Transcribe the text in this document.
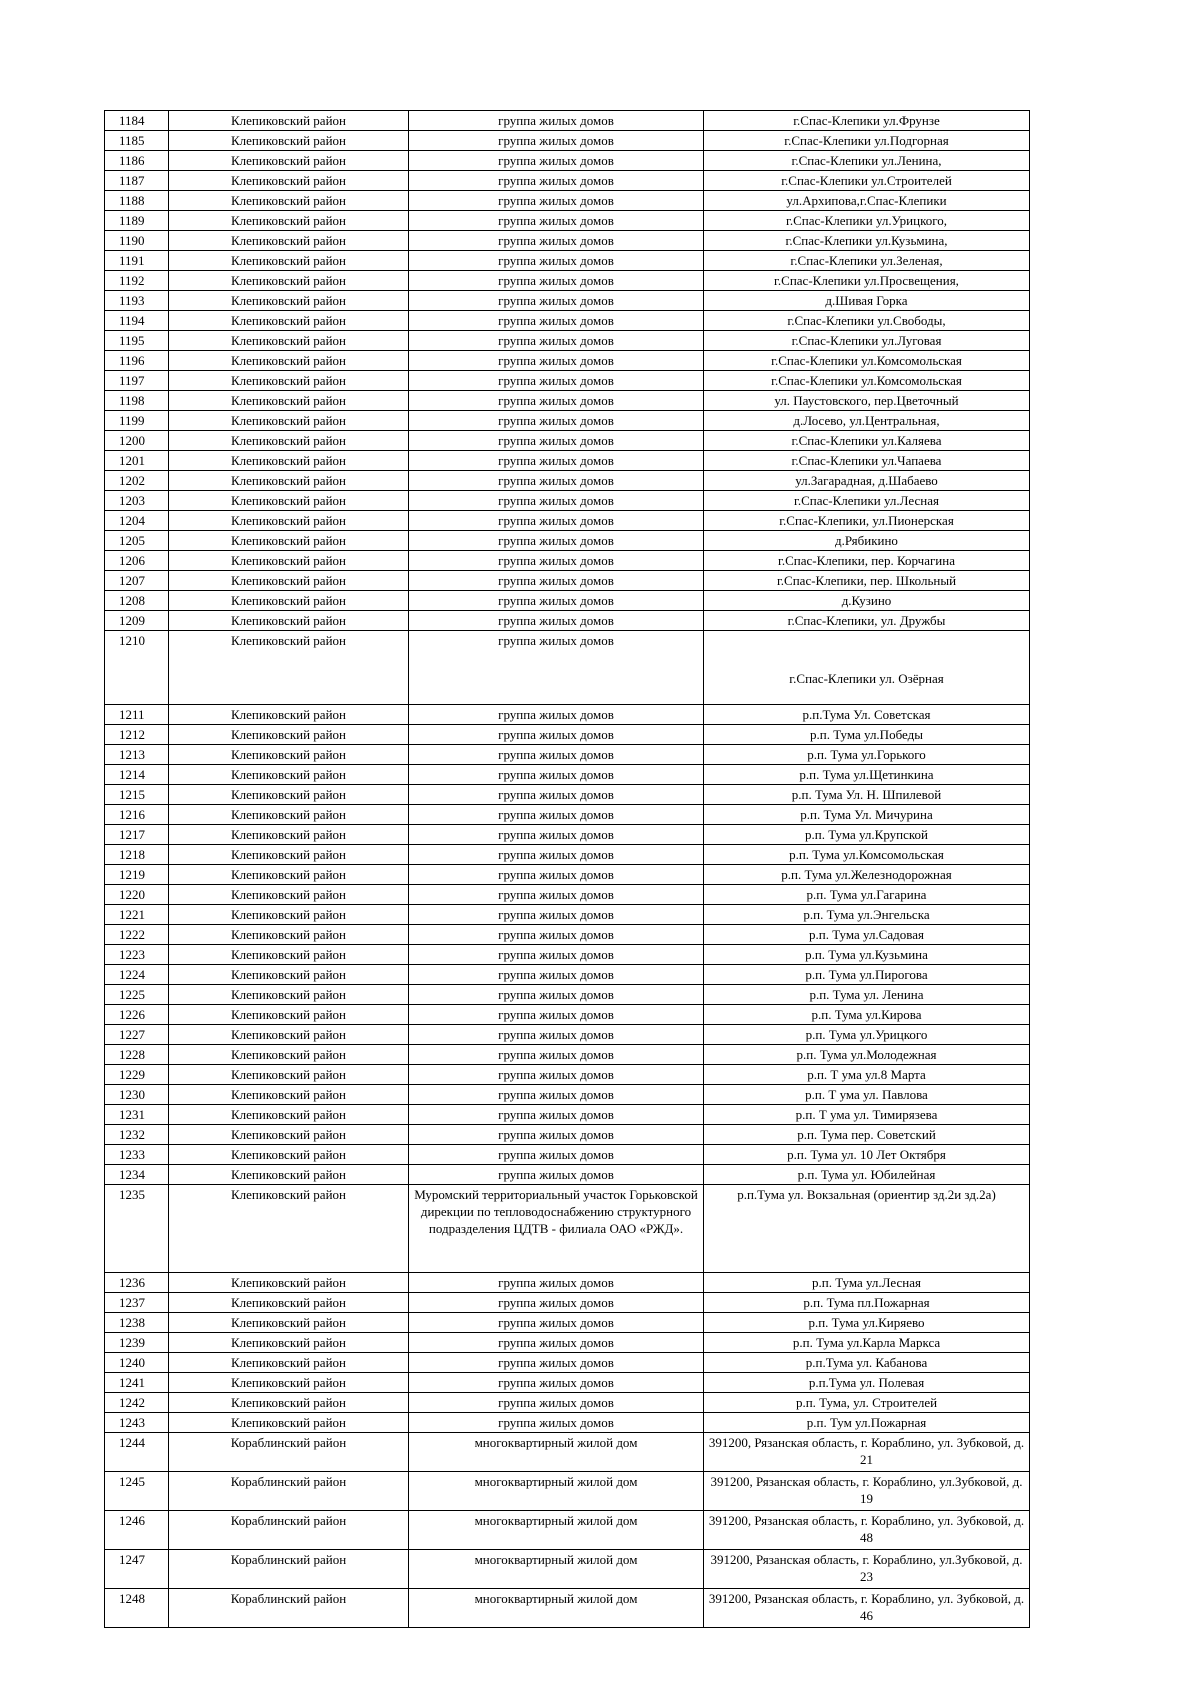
1184	Клепиковский район	группа жилых домов	г.Спас-Клепики ул.Фрунзе
1185	Клепиковский район	группа жилых домов	г.Спас-Клепики ул.Подгорная
1186	Клепиковский район	группа жилых домов	г.Спас-Клепики ул.Ленина,
1187	Клепиковский район	группа жилых домов	г.Спас-Клепики ул.Строителей
1188	Клепиковский район	группа жилых домов	ул.Архипова,г.Спас-Клепики
1189	Клепиковский район	группа жилых домов	г.Спас-Клепики ул.Урицкого,
1190	Клепиковский район	группа жилых домов	г.Спас-Клепики ул.Кузьмина,
1191	Клепиковский район	группа жилых домов	г.Спас-Клепики ул.Зеленая,
1192	Клепиковский район	группа жилых домов	г.Спас-Клепики ул.Просвещения,
1193	Клепиковский район	группа жилых домов	д.Шивая Горка
1194	Клепиковский район	группа жилых домов	г.Спас-Клепики ул.Свободы,
1195	Клепиковский район	группа жилых домов	г.Спас-Клепики ул.Луговая
1196	Клепиковский район	группа жилых домов	г.Спас-Клепики ул.Комсомольская
1197	Клепиковский район	группа жилых домов	г.Спас-Клепики ул.Комсомольская
1198	Клепиковский район	группа жилых домов	ул. Паустовского, пер.Цветочный
1199	Клепиковский район	группа жилых домов	д.Лосево, ул.Центральная,
1200	Клепиковский район	группа жилых домов	г.Спас-Клепики ул.Каляева
1201	Клепиковский район	группа жилых домов	г.Спас-Клепики ул.Чапаева
1202	Клепиковский район	группа жилых домов	ул.Загарадная, д.Шабаево
1203	Клепиковский район	группа жилых домов	г.Спас-Клепики ул.Лесная
1204	Клепиковский район	группа жилых домов	г.Спас-Клепики, ул.Пионерская
1205	Клепиковский район	группа жилых домов	д.Рябикино
1206	Клепиковский район	группа жилых домов	г.Спас-Клепики, пер. Корчагина
1207	Клепиковский район	группа жилых домов	г.Спас-Клепики, пер. Школьный
1208	Клепиковский район	группа жилых домов	д.Кузино
1209	Клепиковский район	группа жилых домов	г.Спас-Клепики, ул. Дружбы
1210	Клепиковский район	группа жилых домов	г.Спас-Клепики ул. Озёрная
1211	Клепиковский район	группа жилых домов	р.п.Тума Ул. Советская
1212	Клепиковский район	группа жилых домов	р.п. Тума ул.Победы
1213	Клепиковский район	группа жилых домов	р.п. Тума ул.Горького
1214	Клепиковский район	группа жилых домов	р.п. Тума ул.Щетинкина
1215	Клепиковский район	группа жилых домов	р.п. Тума Ул. Н. Шпилевой
1216	Клепиковский район	группа жилых домов	р.п. Тума Ул. Мичурина
1217	Клепиковский район	группа жилых домов	р.п. Тума ул.Крупской
1218	Клепиковский район	группа жилых домов	р.п. Тума ул.Комсомольская
1219	Клепиковский район	группа жилых домов	р.п. Тума ул.Железнодорожная
1220	Клепиковский район	группа жилых домов	р.п. Тума ул.Гагарина
1221	Клепиковский район	группа жилых домов	р.п. Тума ул.Энгельска
1222	Клепиковский район	группа жилых домов	р.п. Тума ул.Садовая
1223	Клепиковский район	группа жилых домов	р.п. Тума ул.Кузьмина
1224	Клепиковский район	группа жилых домов	р.п. Тума ул.Пирогова
1225	Клепиковский район	группа жилых домов	р.п. Тума ул. Ленина
1226	Клепиковский район	группа жилых домов	р.п. Тума ул.Кирова
1227	Клепиковский район	группа жилых домов	р.п. Тума ул.Урицкого
1228	Клепиковский район	группа жилых домов	р.п. Тума ул.Молодежная
1229	Клепиковский район	группа жилых домов	р.п. Т ума ул.8 Марта
1230	Клепиковский район	группа жилых домов	р.п. Т ума ул. Павлова
1231	Клепиковский район	группа жилых домов	р.п. Т ума ул. Тимирязева
1232	Клепиковский район	группа жилых домов	р.п. Тума пер. Советский
1233	Клепиковский район	группа жилых домов	р.п. Тума ул. 10 Лет Октября
1234	Клепиковский район	группа жилых домов	р.п. Тума ул. Юбилейная
1235	Клепиковский район	Муромский территориальный участок Горьковской дирекции по тепловодоснабжению структурного подразделения ЦДТВ - филиала ОАО «РЖД».	р.п.Тума ул. Вокзальная (ориентир зд.2и зд.2а)
1236	Клепиковский район	группа жилых домов	р.п. Тума ул.Лесная
1237	Клепиковский район	группа жилых домов	р.п. Тума пл.Пожарная
1238	Клепиковский район	группа жилых домов	р.п. Тума ул.Киряево
1239	Клепиковский район	группа жилых домов	р.п. Тума ул.Карла Маркса
1240	Клепиковский район	группа жилых домов	р.п.Тума ул. Кабанова
1241	Клепиковский район	группа жилых домов	р.п.Тума ул. Полевая
1242	Клепиковский район	группа жилых домов	р.п. Тума, ул. Строителей
1243	Клепиковский район	группа жилых домов	р.п. Тум ул.Пожарная
1244	Кораблинский район	многоквартирный жилой дом	391200, Рязанская область, г. Кораблино, ул. Зубковой, д. 21
1245	Кораблинский район	многоквартирный жилой дом	391200, Рязанская область, г. Кораблино, ул.Зубковой, д. 19
1246	Кораблинский район	многоквартирный жилой дом	391200, Рязанская область, г. Кораблино, ул. Зубковой, д. 48
1247	Кораблинский район	многоквартирный жилой дом	391200, Рязанская область, г. Кораблино, ул.Зубковой, д. 23
1248	Кораблинский район	многоквартирный жилой дом	391200, Рязанская область, г. Кораблино, ул. Зубковой, д. 46
